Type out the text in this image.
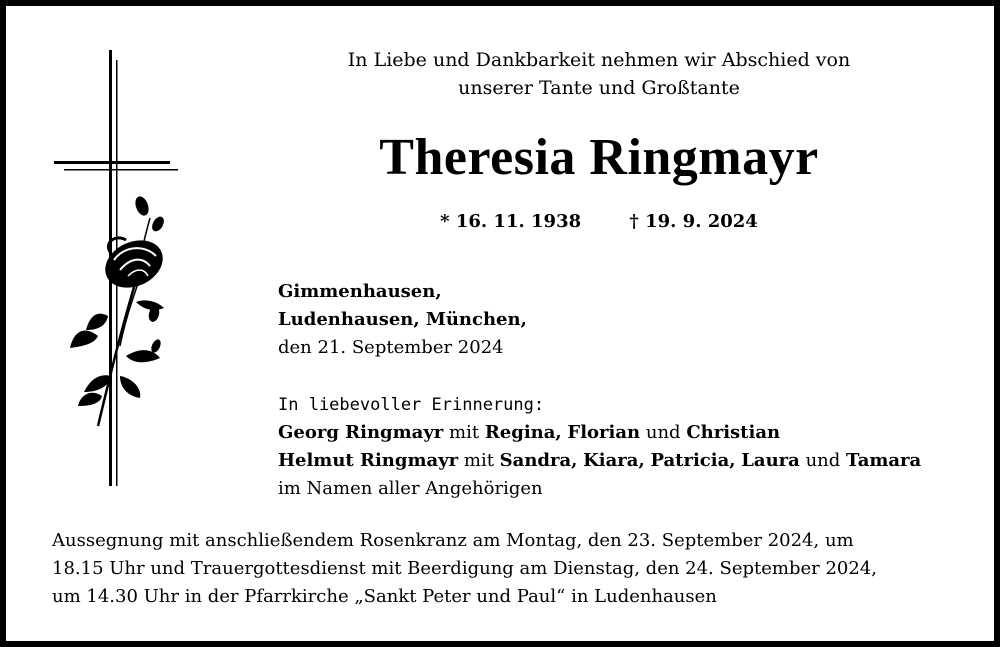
In Liebe und Dankbarkeit nehmen wir Abschied von
unserer Tante und Großtante
Theresia Ringmayr
* 16. 11. 1938	† 19. 9. 2024
Gimmenhausen,
Ludenhausen, München,
den 21. September 2024
In liebevoller Erinnerung:
Georg Ringmayr mit Regina, Florian und Christian
Helmut Ringmayr mit Sandra, Kiara, Patricia, Laura und Tamara
im Namen aller Angehörigen
Aussegnung mit anschließendem Rosenkranz am Montag, den 23. September 2024, um
18.15 Uhr und Trauergottesdienst mit Beerdigung am Dienstag, den 24. September 2024,
um 14.30 Uhr in der Pfarrkirche „Sankt Peter und Paul“ in Ludenhausen
